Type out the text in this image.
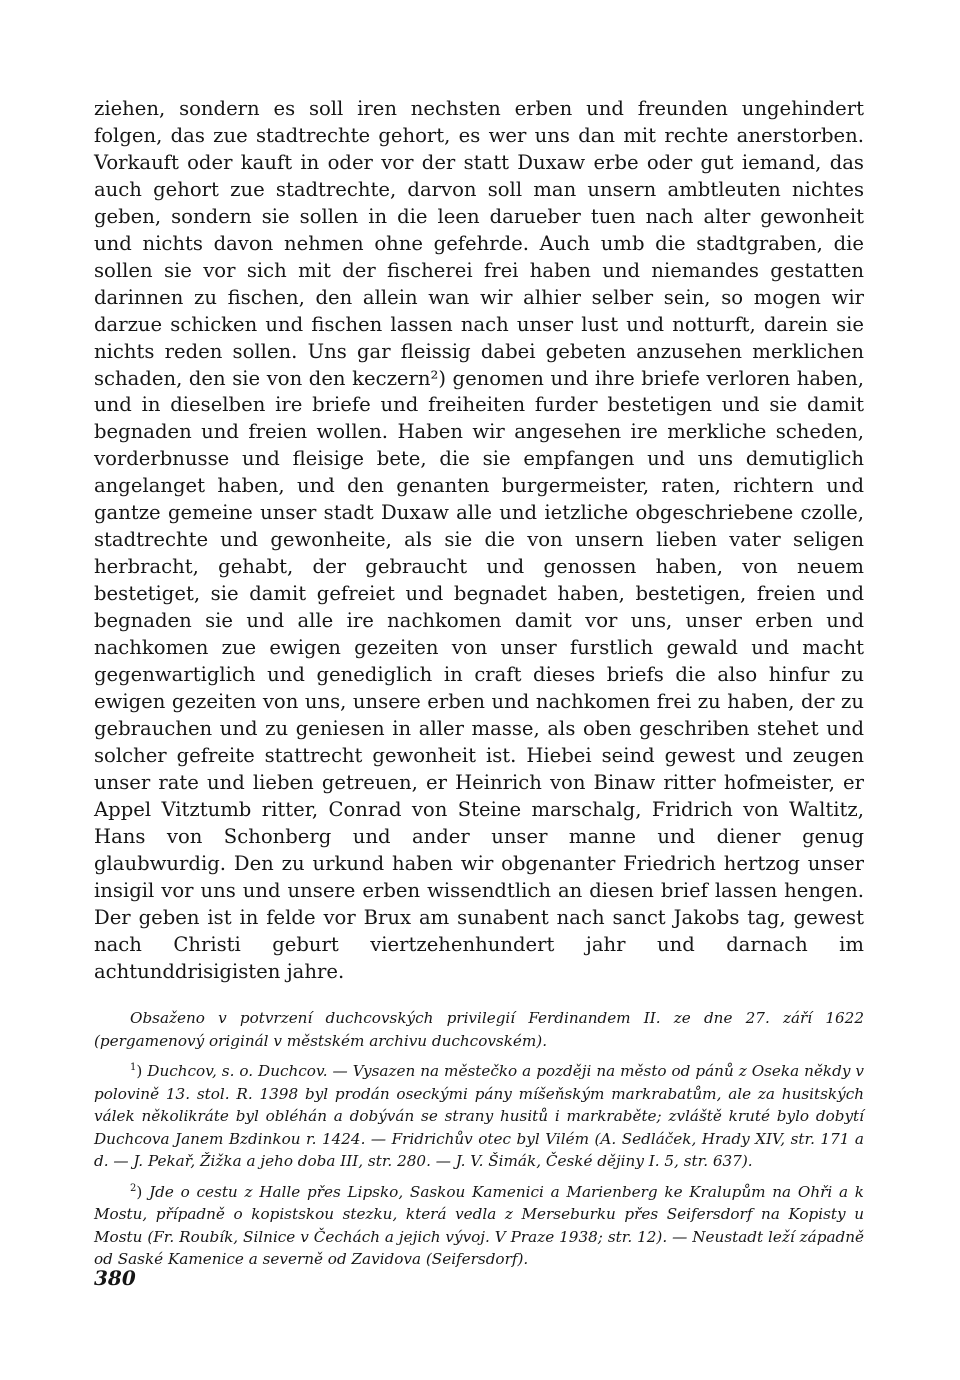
ziehen, sondern es soll iren nechsten erben und freunden ungehindert folgen, das zue stadtrechte gehort, es wer uns dan mit rechte anerstorben. Vorkauft oder kauft in oder vor der statt Duxaw erbe oder gut iemand, das auch gehort zue stadtrechte, darvon soll man unsern ambtleuten nichtes geben, sondern sie sollen in die leen darueber tuen nach alter gewonheit und nichts davon nehmen ohne gefehrde. Auch umb die stadtgraben, die sollen sie vor sich mit der fischerei frei haben und niemandes gestatten darinnen zu fischen, den allein wan wir alhier selber sein, so mogen wir darzue schicken und fischen lassen nach unser lust und notturft, darein sie nichts reden sollen. Uns gar fleissig dabei gebeten anzusehen merklichen schaden, den sie von den keczern²) genomen und ihre briefe verloren haben, und in dieselben ire briefe und freiheiten furder bestetigen und sie damit begnaden und freien wollen. Haben wir angesehen ire merkliche scheden, vorderbnusse und fleisige bete, die sie empfangen und uns demutiglich angelanget haben, und den genanten burgermeister, raten, richtern und gantze gemeine unser stadt Duxaw alle und ietzliche obgeschriebene czolle, stadtrechte und gewonheite, als sie die von unsern lieben vater seligen herbracht, gehabt, der gebraucht und genossen haben, von neuem bestetiget, sie damit gefreiet und begnadet haben, bestetigen, freien und begnaden sie und alle ire nachkomen damit vor uns, unser erben und nachkomen zue ewigen gezeiten von unser furstlich gewald und macht gegenwartiglich und genediglich in craft dieses briefs die also hinfur zu ewigen gezeiten von uns, unsere erben und nachkomen frei zu haben, der zu gebrauchen und zu geniesen in aller masse, als oben geschriben stehet und solcher gefreite stattrecht gewonheit ist. Hiebei seind gewest und zeugen unser rate und lieben getreuen, er Heinrich von Binaw ritter hofmeister, er Appel Vitztumb ritter, Conrad von Steine marschalg, Fridrich von Waltitz, Hans von Schonberg und ander unser manne und diener genug glaubwurdig. Den zu urkund haben wir obgenanter Friedrich hertzog unser insigil vor uns und unsere erben wissendtlich an diesen brief lassen hengen. Der geben ist in felde vor Brux am sunabent nach sanct Jakobs tag, gewest nach Christi geburt viertzehenhundert jahr und darnach im achtunddrisigisten jahre.

Obsaženo v potvrzení duchcovských privilegií Ferdinandem II. ze dne 27. září 1622 (pergamenový originál v městském archivu duchcovském).

$^1$) Duchcov, s. o. Duchcov. — Vysazen na městečko a později na město od pánů z Oseka někdy v polovině 13. stol. R. 1398 byl prodán oseckými pány míšeňským markrabatům, ale za husitských válek několikráte byl obléhán a dobýván se strany husitů i markraběte; zvláště kruté bylo dobytí Duchcova Janem Bzdinkou r. 1424. — Fridrichův otec byl Vilém (A. Sedláček, Hrady XIV, str. 171 a d. — J. Pekař, Žižka a jeho doba III, str. 280. — J. V. Šimák, České dějiny I. 5, str. 637).

$^2$) Jde o cestu z Halle přes Lipsko, Saskou Kamenici a Marienberg ke Kralupům na Ohři a k Mostu, případně o kopistskou stezku, která vedla z Merseburku přes Seifersdorf na Kopisty u Mostu (Fr. Roubík, Silnice v Čechách a jejich vývoj. V Praze 1938; str. 12). — Neustadt leží západně od Saské Kamenice a severně od Zavidova (Seifersdorf).

380
